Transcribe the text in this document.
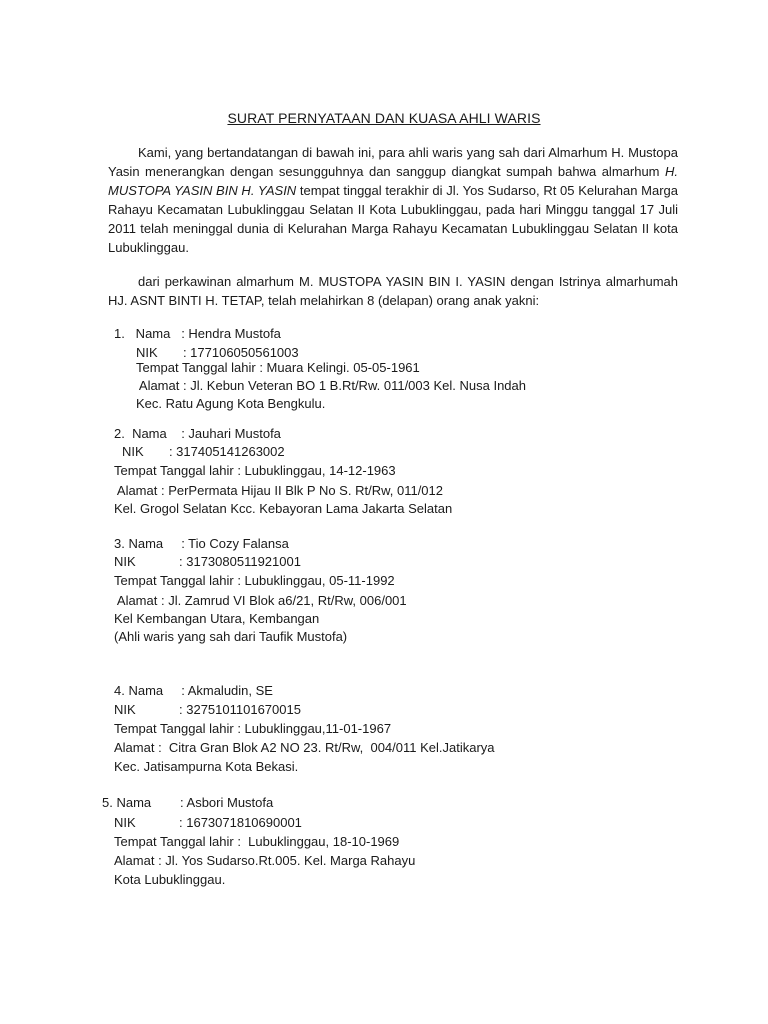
SURAT PERNYATAAN DAN KUASA AHLI WARIS

Kami, yang bertandatangan di bawah ini, para ahli waris yang sah dari Almarhum H. Mustopa Yasin menerangkan dengan sesungguhnya dan sanggup diangkat sumpah bahwa almarhum H. MUSTOPA YASIN BIN H. YASIN tempat tinggal terakhir di Jl. Yos Sudarso, Rt 05 Kelurahan Marga Rahayu Kecamatan Lubuklinggau Selatan II Kota Lubuklinggau, pada hari Minggu tanggal 17 Juli 2011 telah meninggal dunia di Kelurahan Marga Rahayu Kecamatan Lubuklinggau Selatan II kota Lubuklinggau.

dari perkawinan almarhum M. MUSTOPA YASIN BIN I. YASIN dengan Istrinya almarhumah HJ. ASNT BINTI H. TETAP, telah melahirkan 8 (delapan) orang anak yakni:

1.   Nama   : Hendra Mustofa
NIK       : 177106050561003
Tempat Tanggal lahir : Muara Kelingi. 05-05-1961
Alamat : Jl. Kebun Veteran BO 1 B.Rt/Rw. 011/003 Kel. Nusa Indah
Kec. Ratu Agung Kota Bengkulu.
2.  Nama    : Jauhari Mustofa
NIK       : 317405141263002
Tempat Tanggal lahir : Lubuklinggau, 14-12-1963
Alamat : PerPermata Hijau II Blk P No S. Rt/Rw, 011/012
Kel. Grogol Selatan Kcc. Kebayoran Lama Jakarta Selatan
3. Nama     : Tio Cozy Falansa
NIK            : 3173080511921001
Tempat Tanggal lahir : Lubuklinggau, 05-11-1992
Alamat : Jl. Zamrud VI Blok a6/21, Rt/Rw, 006/001
Kel Kembangan Utara, Kembangan
(Ahli waris yang sah dari Taufik Mustofa)
4. Nama     : Akmaludin, SE
NIK            : 3275101101670015
Tempat Tanggal lahir : Lubuklinggau,11-01-1967
Alamat :  Citra Gran Blok A2 NO 23. Rt/Rw,  004/011 Kel.Jatikarya
Kec. Jatisampurna Kota Bekasi.
5. Nama        : Asbori Mustofa
NIK            : 1673071810690001
Tempat Tanggal lahir :  Lubuklinggau, 18-10-1969
Alamat : Jl. Yos Sudarso.Rt.005. Kel. Marga Rahayu
Kota Lubuklinggau.
